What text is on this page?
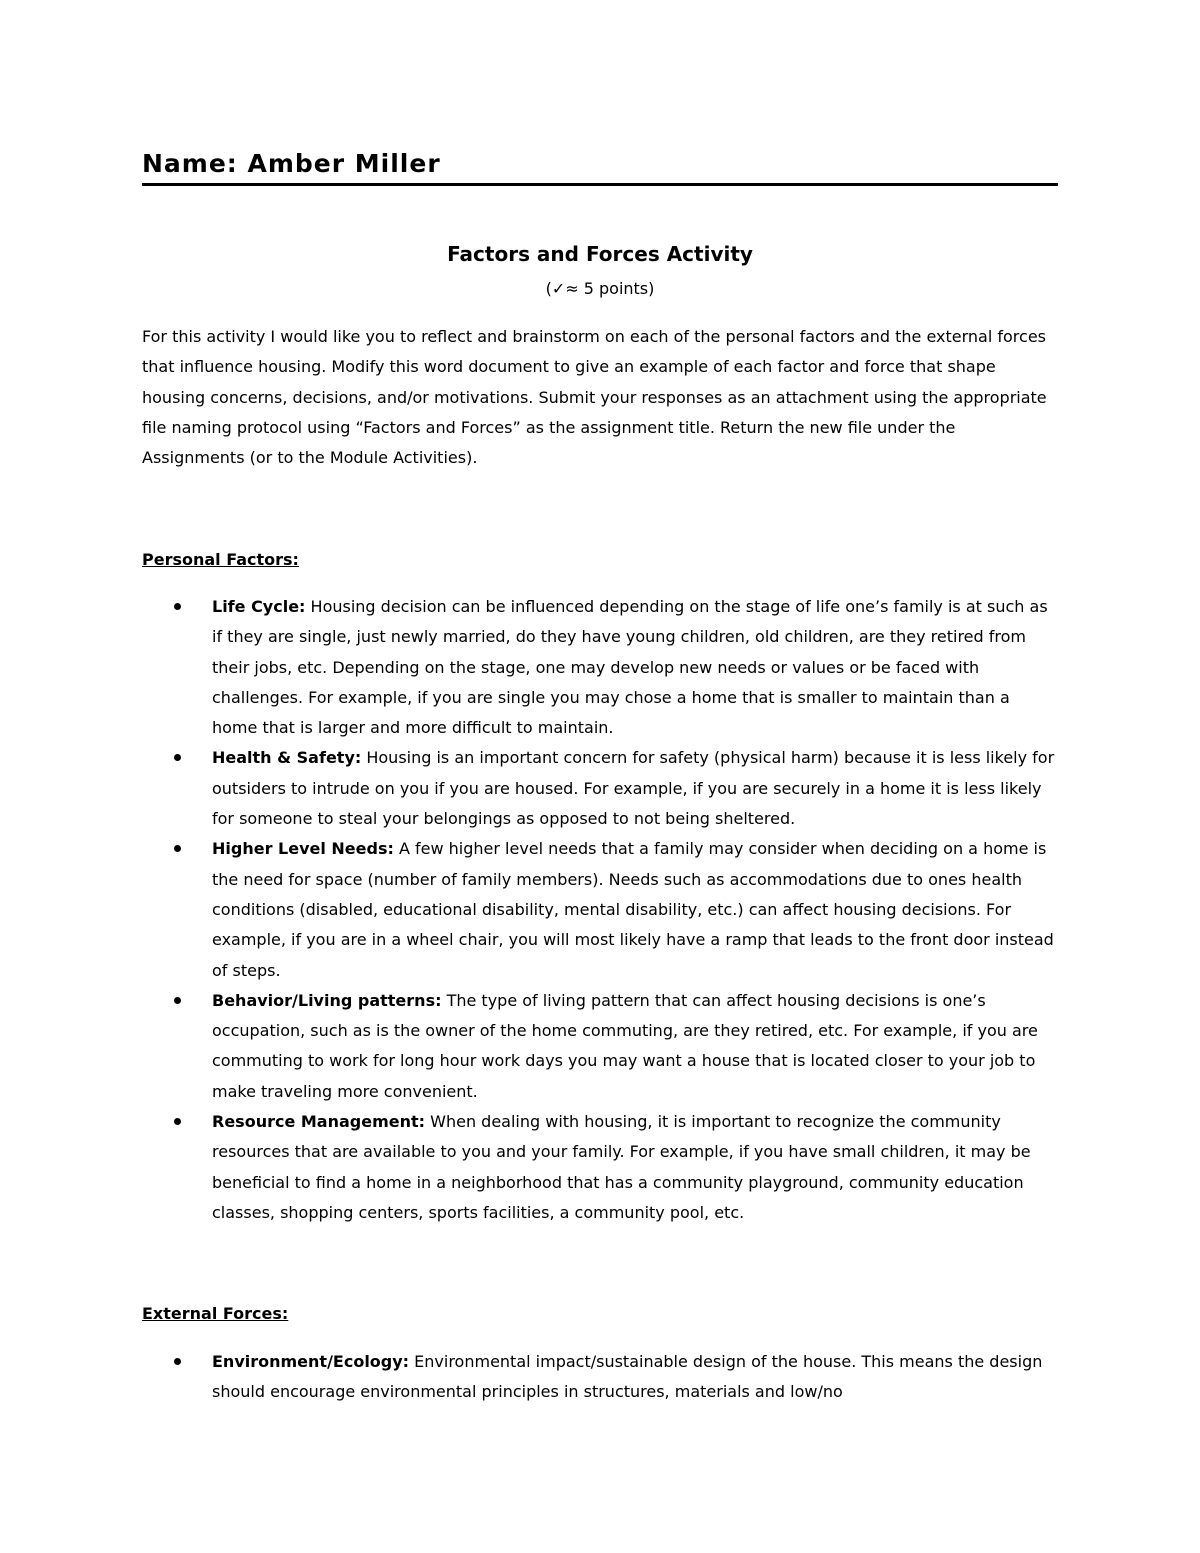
Name: Amber Miller
Factors and Forces Activity
(✓≈ 5 points)
For this activity I would like you to reflect and brainstorm on each of the personal factors and the external forces that influence housing. Modify this word document to give an example of each factor and force that shape housing concerns, decisions, and/or motivations. Submit your responses as an attachment using the appropriate file naming protocol using “Factors and Forces” as the assignment title. Return the new file under the Assignments (or to the Module Activities).
Personal Factors:
Life Cycle: Housing decision can be influenced depending on the stage of life one’s family is at such as if they are single, just newly married, do they have young children, old children, are they retired from their jobs, etc. Depending on the stage, one may develop new needs or values or be faced with challenges. For example, if you are single you may chose a home that is smaller to maintain than a home that is larger and more difficult to maintain.
Health & Safety: Housing is an important concern for safety (physical harm) because it is less likely for outsiders to intrude on you if you are housed. For example, if you are securely in a home it is less likely for someone to steal your belongings as opposed to not being sheltered.
Higher Level Needs: A few higher level needs that a family may consider when deciding on a home is the need for space (number of family members). Needs such as accommodations due to ones health conditions (disabled, educational disability, mental disability, etc.) can affect housing decisions. For example, if you are in a wheel chair, you will most likely have a ramp that leads to the front door instead of steps.
Behavior/Living patterns: The type of living pattern that can affect housing decisions is one’s occupation, such as is the owner of the home commuting, are they retired, etc. For example, if you are commuting to work for long hour work days you may want a house that is located closer to your job to make traveling more convenient.
Resource Management: When dealing with housing, it is important to recognize the community resources that are available to you and your family. For example, if you have small children, it may be beneficial to find a home in a neighborhood that has a community playground, community education classes, shopping centers, sports facilities, a community pool, etc.
External Forces:
Environment/Ecology: Environmental impact/sustainable design of the house. This means the design should encourage environmental principles in structures, materials and low/no
